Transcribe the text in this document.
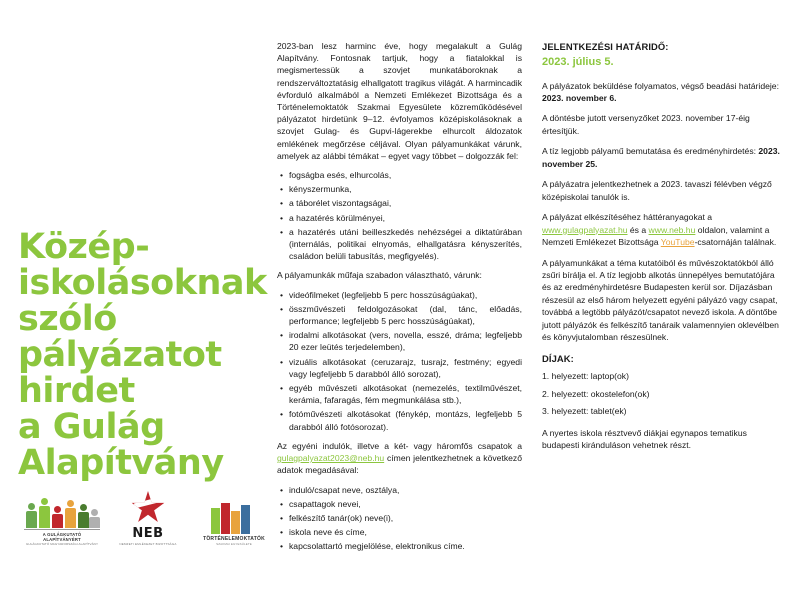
Közép-
iskolásoknak
szóló
pályázatot
hirdet
a Gulág
Alapítvány
A GULÁGKUTATÓ ALAPÍTVÁNYÉRT
GULÁGKUTATÓ MAGYARORSZÁGI ALAPÍTVÁNY
NEB
NEMZETI EMLÉKEZET BIZOTTSÁGA
TÖRTÉNELEMOKTATÓK
SZAKMAI EGYESÜLETE

2023-ban lesz harminc éve, hogy megalakult a Gulág Alapítvány. Fontosnak tartjuk, hogy a fiatalokkal is megismertessük a szovjet munkatáboroknak a rendszerváltoztatásig elhallgatott tragikus világát. A harmincadik évforduló alkalmából a Nemzeti Emlékezet Bizottsága és a Történelemoktatók Szakmai Egyesülete közreműködésével pályázatot hirdetünk 9–12. évfolyamos középiskolásoknak a szovjet Gulag- és Gupvi-lágerekbe elhurcolt áldozatok emlékének megőrzése céljával. Olyan pályamunkákat várunk, amelyek az alábbi témákat – egyet vagy többet – dolgozzák fel:

• fogságba esés, elhurcolás,
• kényszermunka,
• a táborélet viszontagságai,
• a hazatérés körülményei,
• a hazatérés utáni beilleszkedés nehézségei a diktatúrában (internálás, politikai elnyomás, elhallgatásra kényszerítés, családon belüli tabusítás, megfigyelés).

A pályamunkák műfaja szabadon választható, várunk:

• videófilmeket (legfeljebb 5 perc hosszúságúakat),
• összművészeti feldolgozásokat (dal, tánc, előadás, performance; legfeljebb 5 perc hosszúságúakat),
• irodalmi alkotásokat (vers, novella, esszé, dráma; legfeljebb 20 ezer leütés terjedelemben),
• vizuális alkotásokat (ceruzarajz, tusrajz, festmény; egyedi vagy legfeljebb 5 darabból álló sorozat),
• egyéb művészeti alkotásokat (nemezelés, textilművészet, kerámia, fafaragás, fém megmunkálása stb.),
• fotóművészeti alkotásokat (fénykép, montázs, legfeljebb 5 darabból álló fotósorozat).

Az egyéni indulók, illetve a két- vagy háromfős csapatok a gulagpalyazat2023@neb.hu címen jelentkezhetnek a következő adatok megadásával:

• induló/csapat neve, osztálya,
• csapattagok nevei,
• felkészítő tanár(ok) neve(i),
• iskola neve és címe,
• kapcsolattartó megjelölése, elektronikus címe.

JELENTKEZÉSI HATÁRIDŐ:

2023. július 5.

A pályázatok beküldése folyamatos, végső beadási határideje: 2023. november 6.

A döntésbe jutott versenyzőket 2023. november 17-éig értesítjük.

A tíz legjobb pályamű bemutatása és eredményhirdetés: 2023. november 25.

A pályázatra jelentkezhetnek a 2023. tavaszi félévben végző középiskolai tanulók is.

A pályázat elkészítéséhez háttéranyagokat a www.gulagpalyazat.hu és a www.neb.hu oldalon, valamint a Nemzeti Emlékezet Bizottsága YouTube-csatornáján találnak.

A pályamunkákat a téma kutatóiból és művészoktatókból álló zsűri bírálja el. A tíz legjobb alkotás ünnepélyes bemutatójára és az eredményhirdetésre Budapesten kerül sor. Díjazásban részesül az első három helyezett egyéni pályázó vagy csapat, továbbá a legtöbb pályázót/csapatot nevező iskola. A döntőbe jutott pályázók és felkészítő tanáraik valamennyien oklevélben és könyvjutalomban részesülnek.

DÍJAK:

1. helyezett: laptop(ok)

2. helyezett: okostelefon(ok)

3. helyezett: tablet(ek)

A nyertes iskola résztvevő diákjai egynapos tematikus budapesti kiránduláson vehetnek részt.
